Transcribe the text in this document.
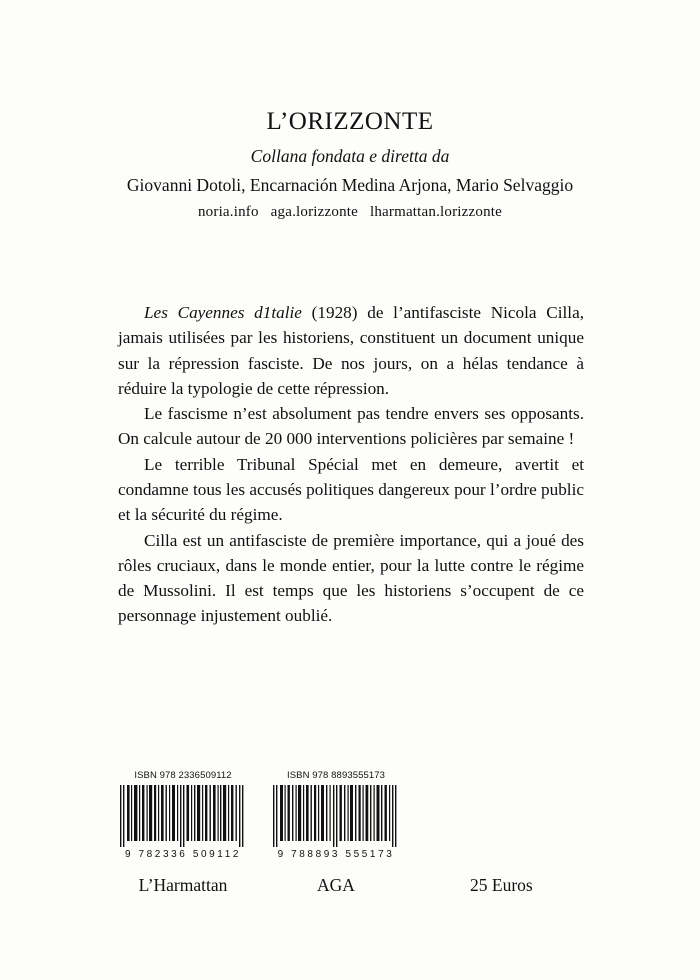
L’ORIZZONTE
Collana fondata e diretta da
Giovanni Dotoli, Encarnación Medina Arjona, Mario Selvaggio
noria.info aga.lorizzonte lharmattan.lorizzonte

Les Cayennes d1talie (1928) de l’antifasciste Nicola Cilla, jamais utilisées par les historiens, constituent un document unique sur la répression fasciste. De nos jours, on a hélas tendance à réduire la typologie de cette répression.

Le fascisme n’est absolument pas tendre envers ses opposants. On calcule autour de 20 000 interventions policières par semaine !

Le terrible Tribunal Spécial met en demeure, avertit et condamne tous les accusés politiques dangereux pour l’ordre public et la sécurité du régime.

Cilla est un antifasciste de première importance, qui a joué des rôles cruciaux, dans le monde entier, pour la lutte contre le régime de Mussolini. Il est temps que les historiens s’occupent de ce personnage injustement oublié.

ISBN 978 2336509112
9 782336 509112
ISBN 978 8893555173
9 788893 555173
L’Harmattan	AGA	25 Euros
